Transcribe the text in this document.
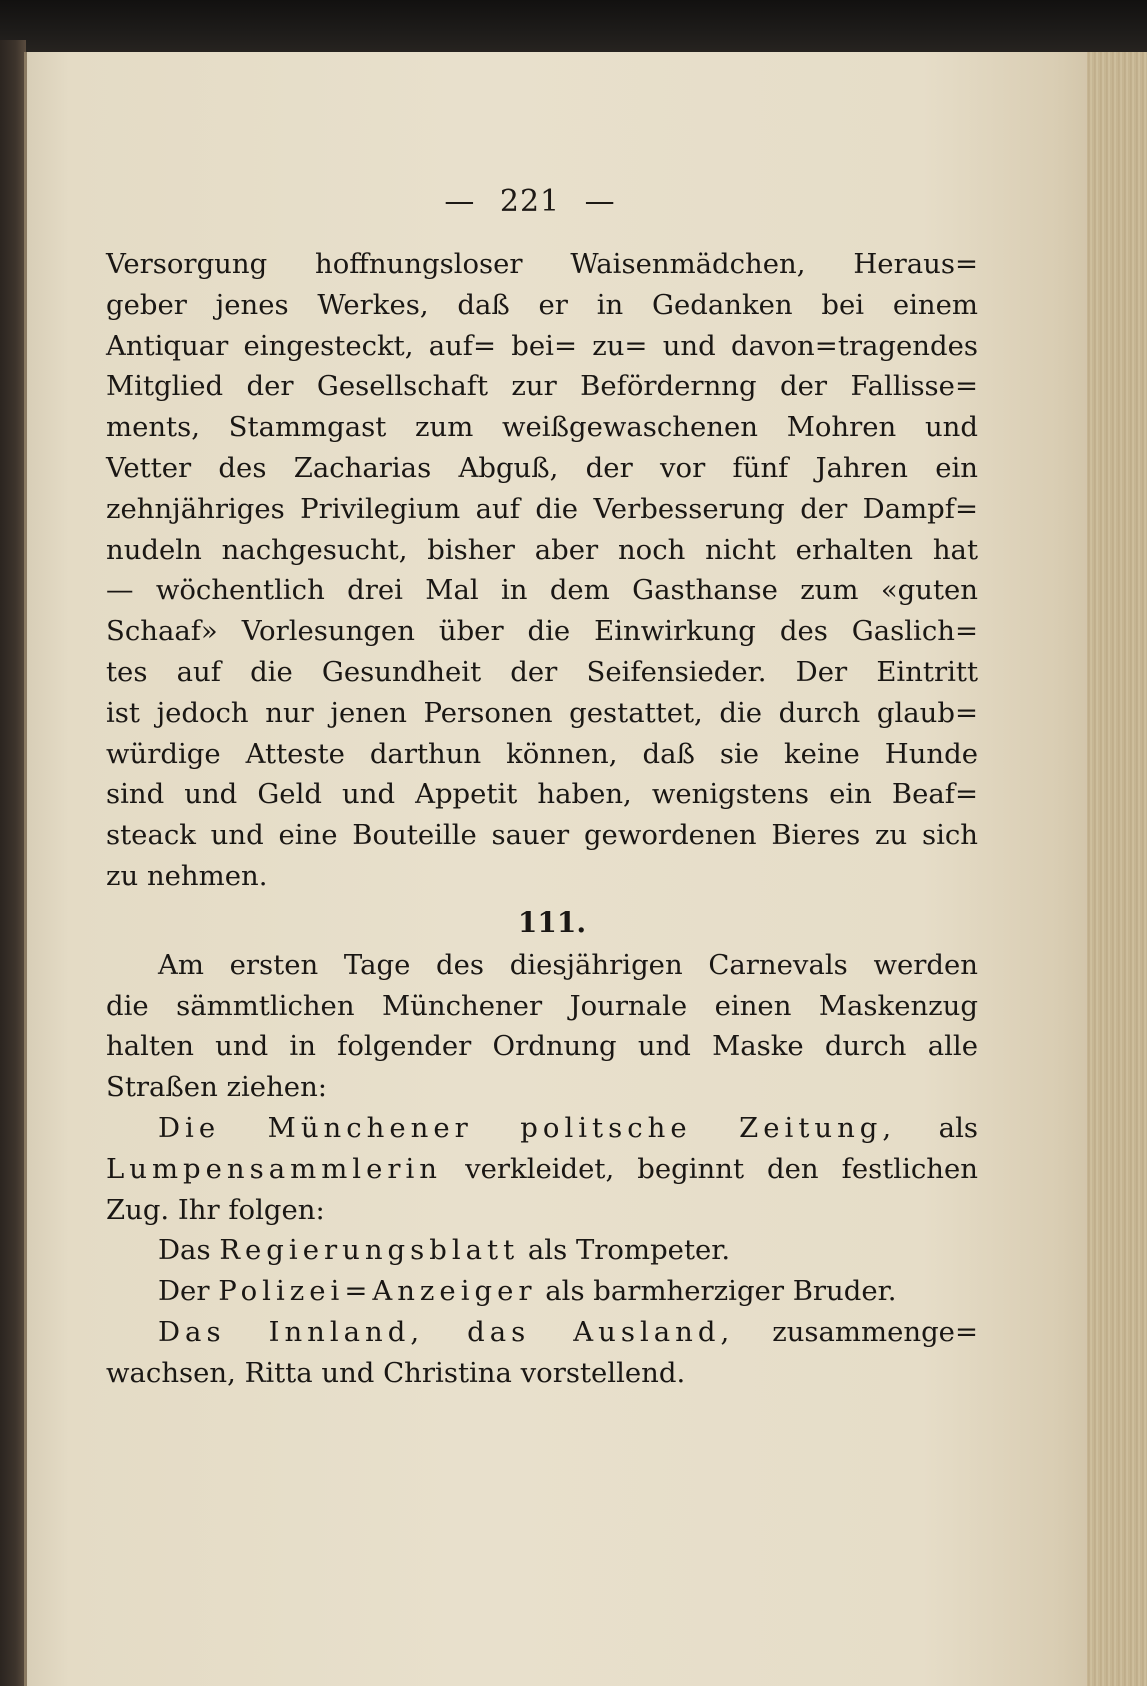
— 221 —
Versorgung hoffnungsloser Waisenmädchen, Heraus=
geber jenes Werkes, daß er in Gedanken bei einem
Antiquar eingesteckt, auf= bei= zu= und davon=tragendes
Mitglied der Gesellschaft zur Befördernng der Fallisse=
ments, Stammgast zum weißgewaschenen Mohren und
Vetter des Zacharias Abguß, der vor fünf Jahren ein
zehnjähriges Privilegium auf die Verbesserung der Dampf=
nudeln nachgesucht, bisher aber noch nicht erhalten hat
— wöchentlich drei Mal in dem Gasthanse zum «guten
Schaaf» Vorlesungen über die Einwirkung des Gaslich=
tes auf die Gesundheit der Seifensieder. Der Eintritt
ist jedoch nur jenen Personen gestattet, die durch glaub=
würdige Atteste darthun können, daß sie keine Hunde
sind und Geld und Appetit haben, wenigstens ein Beaf=
steack und eine Bouteille sauer gewordenen Bieres zu sich
zu nehmen.
111.
Am ersten Tage des diesjährigen Carnevals werden
die sämmtlichen Münchener Journale einen Maskenzug
halten und in folgender Ordnung und Maske durch alle
Straßen ziehen:
Die Münchener politsche Zeitung, als
Lumpensammlerin verkleidet, beginnt den festlichen
Zug. Ihr folgen:
Das Regierungsblatt als Trompeter.
Der Polizei=Anzeiger als barmherziger Bruder.
Das Innland, das Ausland, zusammenge=
wachsen, Ritta und Christina vorstellend.
